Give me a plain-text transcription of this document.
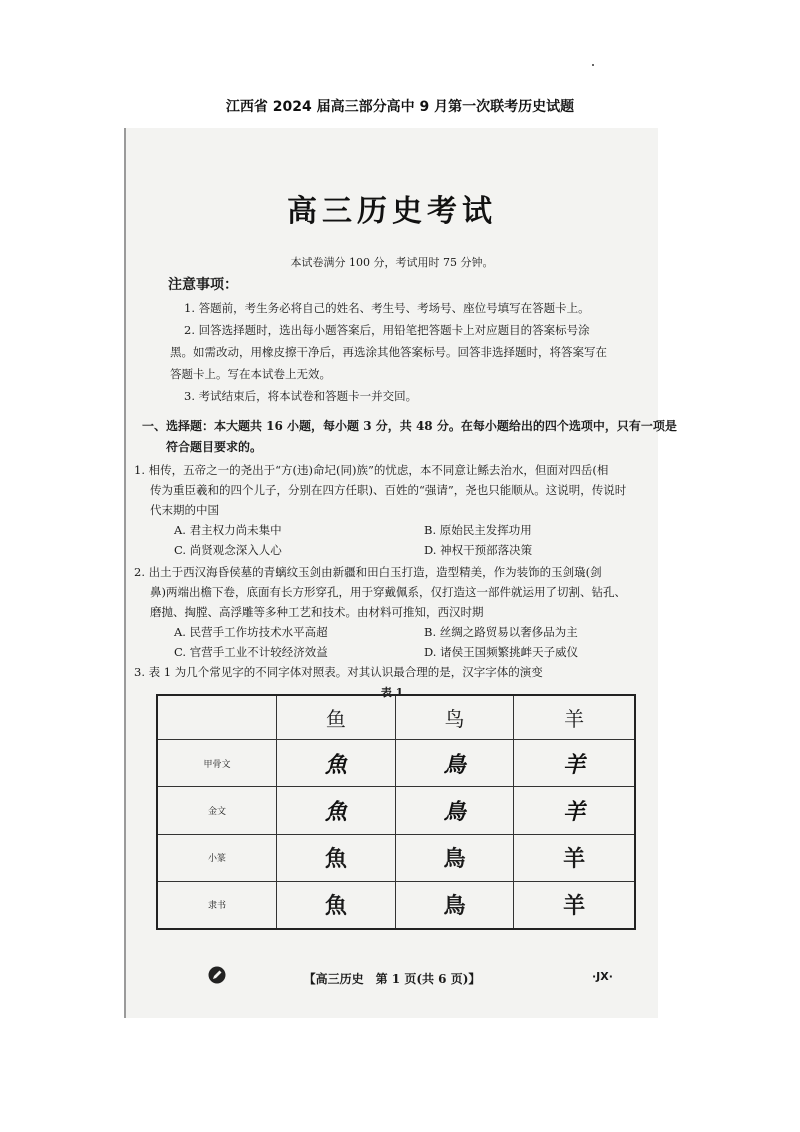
江西省 2024 届高三部分高中 9 月第一次联考历史试题
高三历史考试
本试卷满分 100 分，考试用时 75 分钟。
注意事项：
1. 答题前，考生务必将自己的姓名、考生号、考场号、座位号填写在答题卡上。
2. 回答选择题时，选出每小题答案后，用铅笔把答题卡上对应题目的答案标号涂
黑。如需改动，用橡皮擦干净后，再选涂其他答案标号。回答非选择题时，将答案写在
答题卡上。写在本试卷上无效。
3. 考试结束后，将本试卷和答题卡一并交回。
一、选择题：本大题共 16 小题，每小题 3 分，共 48 分。在每小题给出的四个选项中，只有一项是
符合题目要求的。
1. 相传，五帝之一的尧出于“方(违)命圮(同)族”的忧虑，本不同意让鲧去治水，但面对四岳(相
传为重臣羲和的四个儿子，分别在四方任职)、百姓的“强请”，尧也只能顺从。这说明，传说时
代末期的中国
A. 君主权力尚未集中	B. 原始民主发挥功用
C. 尚贤观念深入人心	D. 神权干预部落决策
2. 出土于西汉海昏侯墓的青螭纹玉剑由新疆和田白玉打造，造型精美，作为装饰的玉剑璏(剑
鼻)两端出檐下卷，底面有长方形穿孔，用于穿戴佩系，仅打造这一部件就运用了切割、钻孔、
磨抛、掏膛、高浮雕等多种工艺和技术。由材料可推知，西汉时期
A. 民营手工作坊技术水平高超	B. 丝绸之路贸易以奢侈品为主
C. 官营手工业不计较经济效益	D. 诸侯王国频繁挑衅天子威仪
3. 表 1 为几个常见字的不同字体对照表。对其认识最合理的是，汉字字体的演变
表 1
	鱼	鸟	羊
甲骨文	魚	鳥	羊
金文	魚	鳥	羊
小篆	魚	鳥	羊
隶书	魚	鳥	羊
【高三历史　第 1 页(共 6 页)】	·JX·
